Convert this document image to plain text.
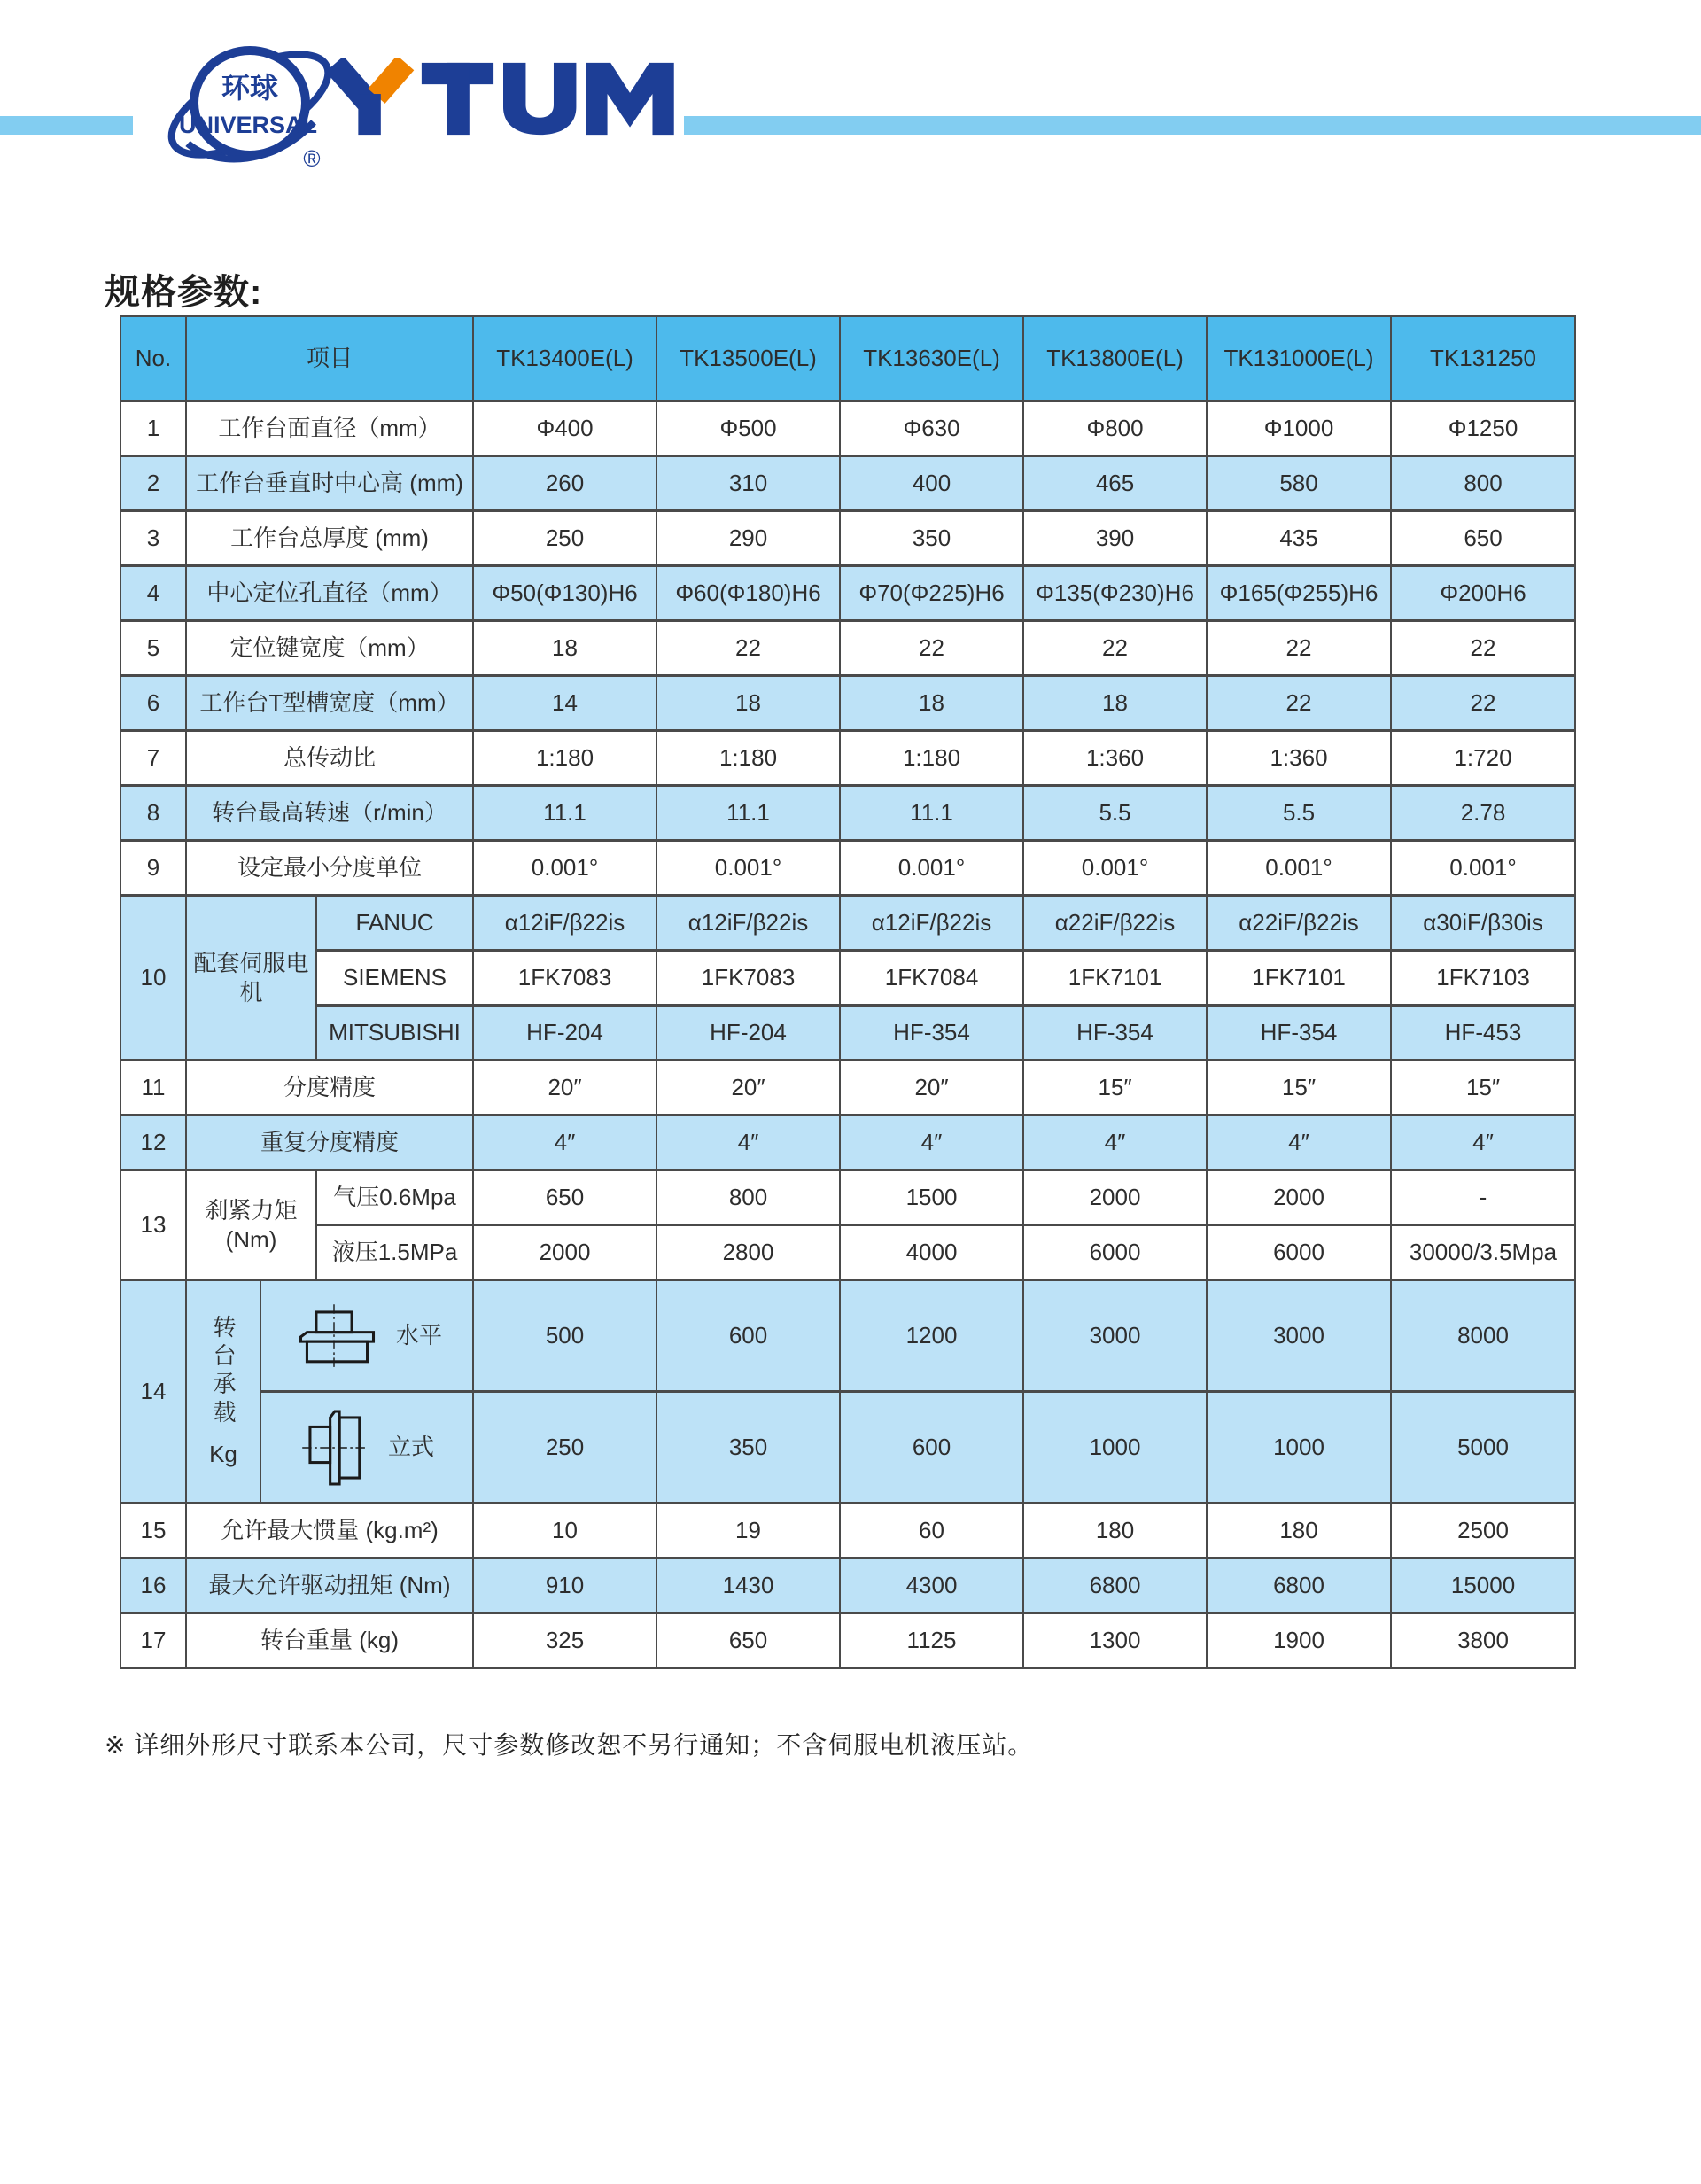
环球
UNIVERSAL
®
规格参数:
No.	项目			TK13400E(L)	TK13500E(L)	TK13630E(L)	TK13800E(L)	TK131000E(L)	TK131250
1	工作台面直径（mm）			Φ400	Φ500	Φ630	Φ800	Φ1000	Φ1250
2	工作台垂直时中心高 (mm)			260	310	400	465	580	800
3	工作台总厚度 (mm)			250	290	350	390	435	650
4	中心定位孔直径（mm）			Φ50(Φ130)H6	Φ60(Φ180)H6	Φ70(Φ225)H6	Φ135(Φ230)H6	Φ165(Φ255)H6	Φ200H6
5	定位键宽度（mm）			18	22	22	22	22	22
6	工作台T型槽宽度（mm）			14	18	18	18	22	22
7	总传动比			1:180	1:180	1:180	1:360	1:360	1:720
8	转台最高转速（r/min）			11.1	11.1	11.1	5.5	5.5	2.78
9	设定最小分度单位			0.001°	0.001°	0.001°	0.001°	0.001°	0.001°
10	配套伺服电机		FANUC	α12iF/β22is	α12iF/β22is	α12iF/β22is	α22iF/β22is	α22iF/β22is	α30iF/β30is
			SIEMENS	1FK7083	1FK7083	1FK7084	1FK7101	1FK7101	1FK7103
			MITSUBISHI	HF-204	HF-204	HF-354	HF-354	HF-354	HF-453
11	分度精度			20″	20″	20″	15″	15″	15″
12	重复分度精度			4″	4″	4″	4″	4″	4″
13	刹紧力矩 (Nm)		气压0.6Mpa	650	800	1500	2000	2000	-
			液压1.5MPa	2000	2800	4000	6000	6000	30000/3.5Mpa
14	转台承载
Kg	水平		500	600	1200	3000	3000	8000

		立式		250	350	600	1000	1000	5000
15	允许最大惯量 (kg.m²)			10	19	60	180	180	2500
16	最大允许驱动扭矩 (Nm)			910	1430	4300	6800	6800	15000
17	转台重量 (kg)			325	650	1125	1300	1900	3800
※ 详细外形尺寸联系本公司，尺寸参数修改恕不另行通知；不含伺服电机液压站。
